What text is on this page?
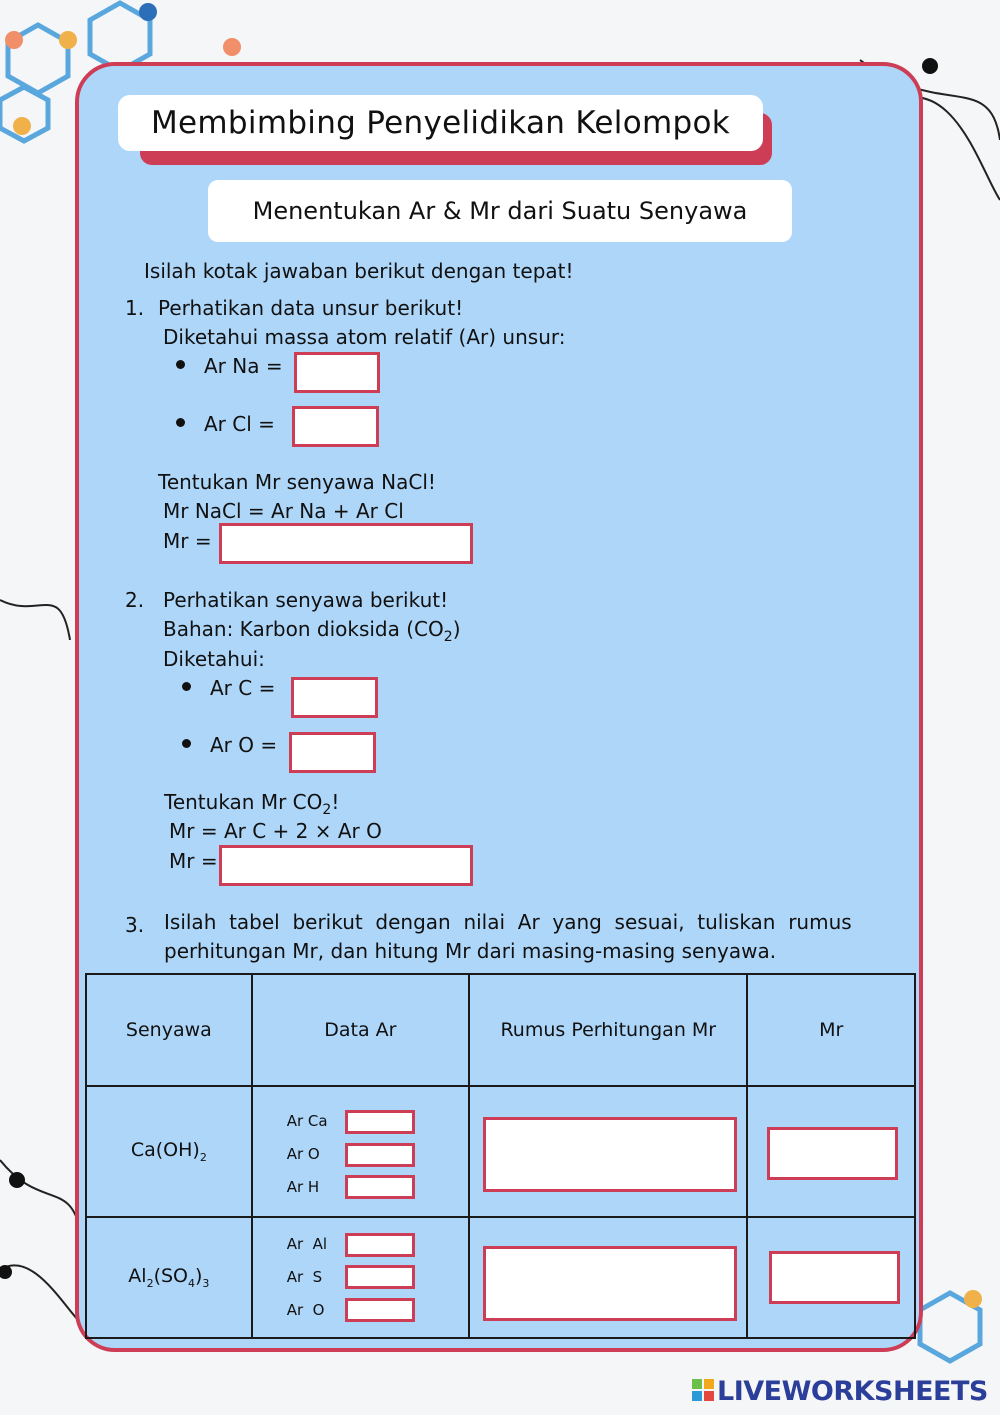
Membimbing Penyelidikan Kelompok
Menentukan Ar & Mr dari Suatu Senyawa
Isilah kotak jawaban berikut dengan tepat!
1. Perhatikan data unsur berikut!
Diketahui massa atom relatif (Ar) unsur:
Ar Na =
Ar Cl =
Tentukan Mr senyawa NaCl!
Mr NaCl = Ar Na + Ar Cl
Mr =
2. Perhatikan senyawa berikut!
Bahan: Karbon dioksida $(CO_2)$
Diketahui:
Ar C =
Ar O =
Tentukan Mr $CO_2$!
Mr = Ar C + 2 × Ar O
Mr =
3. Isilah  tabel  berikut  dengan  nilai  Ar  yang  sesuai,  tuliskan  rumus
perhitungan Mr, dan hitung Mr dari masing-masing senyawa.
Senyawa	Data Ar	Rumus Perhitungan Mr	Mr
$Ca(OH)_2$	Ar Ca
Ar O
Ar H		

$Al_2(SO_4)_3$	Ar  Al
Ar  S
Ar  O		

LIVEWORKSHEETS
